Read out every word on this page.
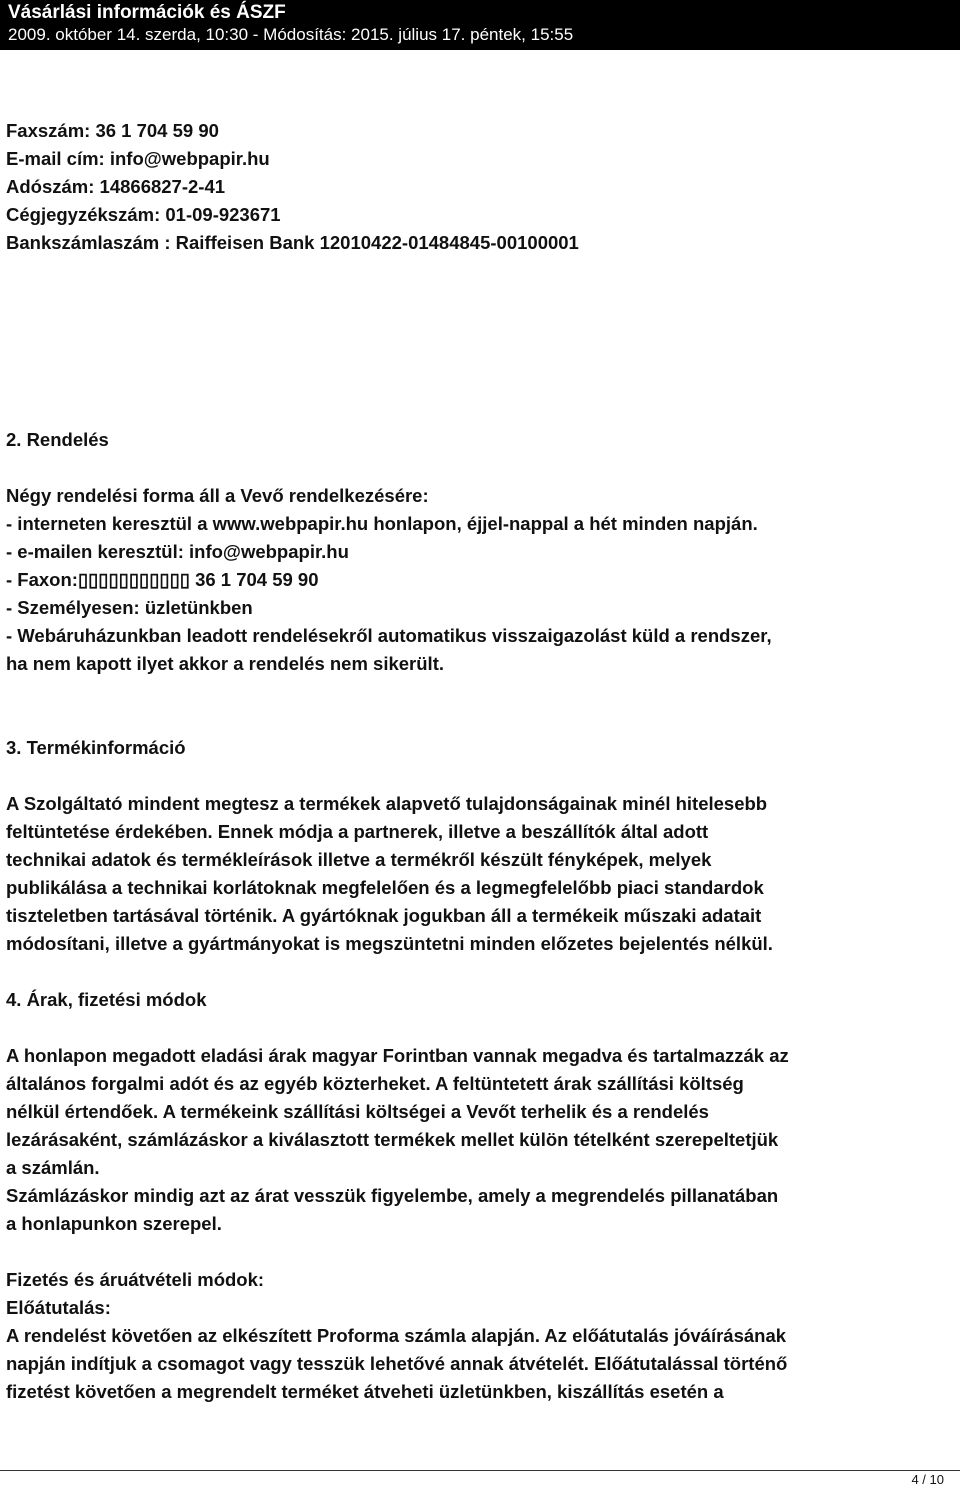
Vásárlási információk és ÁSZF
2009. október 14. szerda, 10:30 - Módosítás: 2015. július 17. péntek, 15:55
Faxszám: 36 1 704 59 90
E-mail cím: info@webpapir.hu
Adószám: 14866827-2-41
Cégjegyzékszám: 01-09-923671
Bankszámlaszám : Raiffeisen Bank 12010422-01484845-00100001
2. Rendelés
Négy rendelési forma áll a Vevő rendelkezésére:
- interneten keresztül a www.webpapir.hu honlapon, éjjel-nappal a hét minden napján.
- e-mailen keresztül: info@webpapir.hu
- Faxon:▯▯▯▯▯▯▯▯▯▯▯ 36 1 704 59 90
- Személyesen: üzletünkben
- Webáruházunkban leadott rendelésekről automatikus visszaigazolást küld a rendszer,
ha nem kapott ilyet akkor a rendelés nem sikerült.
3. Termékinformáció
A Szolgáltató mindent megtesz a termékek alapvető tulajdonságainak minél hitelesebb
feltüntetése érdekében. Ennek módja a partnerek, illetve a beszállítók által adott
technikai adatok és termékleírások illetve a termékről készült fényképek, melyek
publikálása a technikai korlátoknak megfelelően és a legmegfelelőbb piaci standardok
tiszteletben tartásával történik. A gyártóknak jogukban áll a termékeik műszaki adatait
módosítani, illetve a gyártmányokat is megszüntetni minden előzetes bejelentés nélkül.
4. Árak, fizetési módok
A honlapon megadott eladási árak magyar Forintban vannak megadva és tartalmazzák az
általános forgalmi adót és az egyéb közterheket. A feltüntetett árak szállítási költség
nélkül értendőek. A termékeink szállítási költségei a Vevőt terhelik és a rendelés
lezárásaként, számlázáskor a kiválasztott termékek mellet külön tételként szerepeltetjük
a számlán.
Számlázáskor mindig azt az árat vesszük figyelembe, amely a megrendelés pillanatában
a honlapunkon szerepel.
Fizetés és áruátvételi módok:
Előátutalás:
A rendelést követően az elkészített Proforma számla alapján. Az előátutalás jóváírásának
napján indítjuk a csomagot vagy tesszük lehetővé annak átvételét. Előátutalással történő
fizetést követően a megrendelt terméket átveheti üzletünkben, kiszállítás esetén a
4 / 10
